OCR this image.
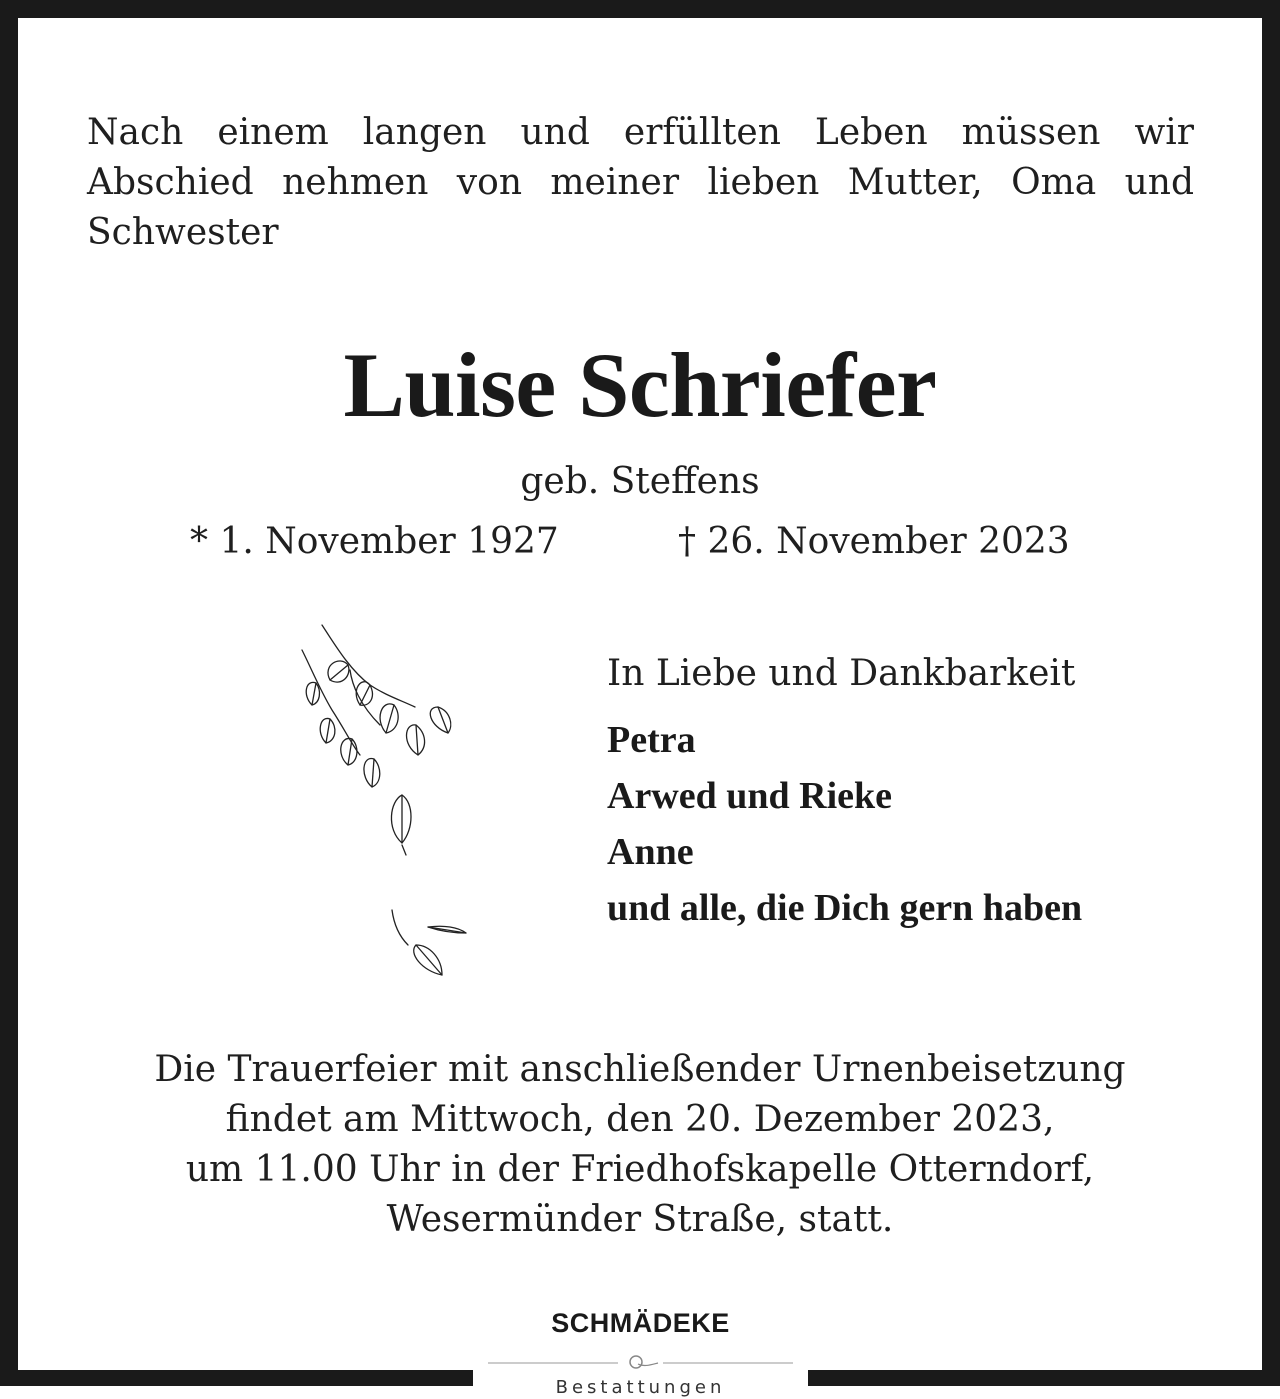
Nach einem langen und erfüllten Leben müssen wir Abschied nehmen von meiner lieben Mutter, Oma und Schwester

Luise Schriefer

geb. Steffens

* 1. November 1927	† 26. November 2023

In Liebe und Dankbarkeit

Petra

Arwed und Rieke

Anne

und alle, die Dich gern haben

Die Trauerfeier mit anschließender Urnenbeisetzung
findet am Mittwoch, den 20. Dezember 2023,
um 11.00 Uhr in der Friedhofskapelle Otterndorf,
Wesermünder Straße, statt.
SCHMÄDEKE
Bestattungen
